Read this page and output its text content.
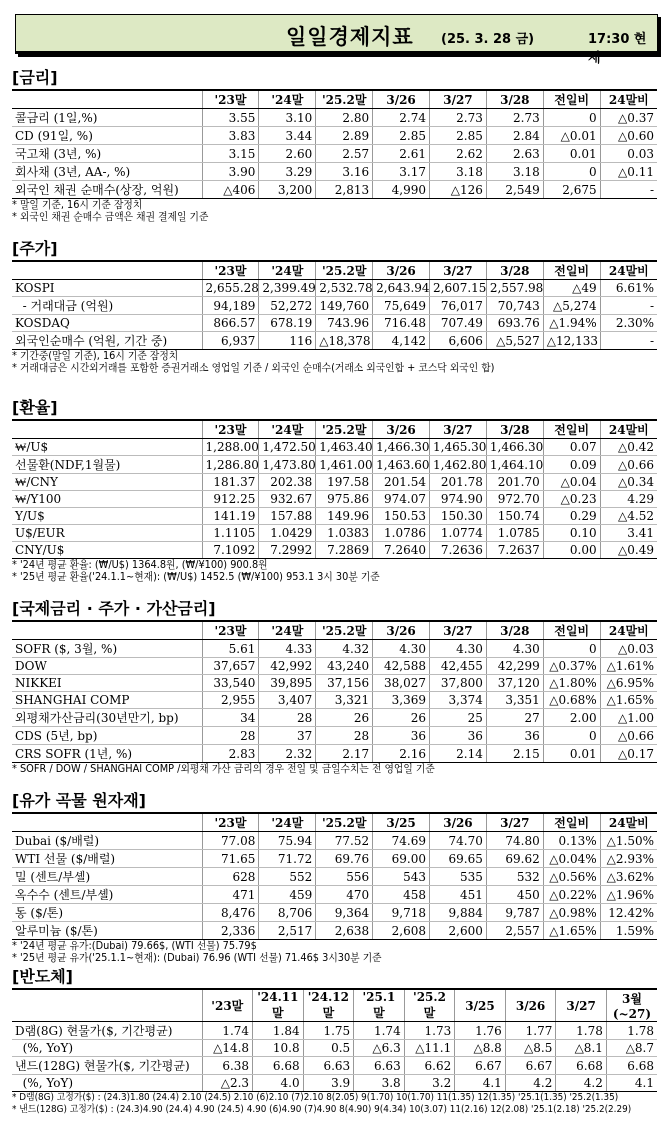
일일경제지표 (25. 3. 28 금)	17:30 현재
[금리]
	'23말	'24말	'25.2말	3/26	3/27	3/28	전일비	24말비
콜금리 (1일,%)	3.55	3.10	2.80	2.74	2.73	2.73	0	△0.37
CD (91일, %)	3.83	3.44	2.89	2.85	2.85	2.84	△0.01	△0.60
국고채 (3년, %)	3.15	2.60	2.57	2.61	2.62	2.63	0.01	0.03
회사채 (3년, AA-, %)	3.90	3.29	3.16	3.17	3.18	3.18	0	△0.11
외국인 채권 순매수(상장, 억원)	△406	3,200	2,813	4,990	△126	2,549	2,675	-
* 말일 기준, 16시 기준 잠정치
* 외국인 채권 순매수 금액은 채권 결제일 기준
[주가]
	'23말	'24말	'25.2말	3/26	3/27	3/28	전일비	24말비
KOSPI	2,655.28	2,399.49	2,532.78	2,643.94	2,607.15	2,557.98	△49	6.61%
- 거래대금 (억원)	94,189	52,272	149,760	75,649	76,017	70,743	△5,274	-
KOSDAQ	866.57	678.19	743.96	716.48	707.49	693.76	△1.94%	2.30%
외국인순매수 (억원, 기간 중)	6,937	116	△18,378	4,142	6,606	△5,527	△12,133	-
* 기간중(말일 기준), 16시 기준 잠정치
* 거래대금은 시간외거래를 포함한 증권거래소 영업일 기준 / 외국인 순매수(거래소 외국인합 + 코스닥 외국인 합)
[환율]
	'23말	'24말	'25.2말	3/26	3/27	3/28	전일비	24말비
₩/U$	1,288.00	1,472.50	1,463.40	1,466.30	1,465.30	1,466.30	0.07	△0.42
선물환(NDF,1월물)	1,286.80	1,473.80	1,461.00	1,463.60	1,462.80	1,464.10	0.09	△0.66
₩/CNY	181.37	202.38	197.58	201.54	201.78	201.70	△0.04	△0.34
₩/Y100	912.25	932.67	975.86	974.07	974.90	972.70	△0.23	4.29
Y/U$	141.19	157.88	149.96	150.53	150.30	150.74	0.29	△4.52
U$/EUR	1.1105	1.0429	1.0383	1.0786	1.0774	1.0785	0.10	3.41
CNY/U$	7.1092	7.2992	7.2869	7.2640	7.2636	7.2637	0.00	△0.49
* '24년 평균 환율: (₩/U$) 1364.8원, (₩/¥100) 900.8원
* '25년 평균 환율('24.1.1~현재): (₩/U$) 1452.5 (₩/¥100) 953.1 3시 30분 기준
[국제금리 · 주가 · 가산금리]
	'23말	'24말	'25.2말	3/26	3/27	3/28	전일비	24말비
SOFR ($, 3월, %)	5.61	4.33	4.32	4.30	4.30	4.30	0	△0.03
DOW	37,657	42,992	43,240	42,588	42,455	42,299	△0.37%	△1.61%
NIKKEI	33,540	39,895	37,156	38,027	37,800	37,120	△1.80%	△6.95%
SHANGHAI COMP	2,955	3,407	3,321	3,369	3,374	3,351	△0.68%	△1.65%
외평채가산금리(30년만기, bp)	34	28	26	26	25	27	2.00	△1.00
CDS (5년, bp)	28	37	28	36	36	36	0	△0.66
CRS SOFR (1년, %)	2.83	2.32	2.17	2.16	2.14	2.15	0.01	△0.17
* SOFR / DOW / SHANGHAI COMP /외평채 가산 금리의 경우 전일 및 금일수치는 전 영업일 기준
[유가 곡물 원자재]
	'23말	'24말	'25.2말	3/25	3/26	3/27	전일비	24말비
Dubai ($/배럴)	77.08	75.94	77.52	74.69	74.70	74.80	0.13%	△1.50%
WTI 선물 ($/배럴)	71.65	71.72	69.76	69.00	69.65	69.62	△0.04%	△2.93%
밀 (센트/부셸)	628	552	556	543	535	532	△0.56%	△3.62%
옥수수 (센트/부셸)	471	459	470	458	451	450	△0.22%	△1.96%
동 ($/톤)	8,476	8,706	9,364	9,718	9,884	9,787	△0.98%	12.42%
알루미늄 ($/톤)	2,336	2,517	2,638	2,608	2,600	2,557	△1.65%	1.59%
* '24년 평균 유가:(Dubai) 79.66$, (WTI 선물) 75.79$
* '25년 평균 유가('25.1.1~현재): (Dubai) 76.96 (WTI 선물) 71.46$ 3시30분 기준
[반도체]
	'23말	'24.11말	'24.12말	'25.1말	'25.2말	3/25	3/26	3/27	3월(~27)
D램(8G) 현물가($, 기간평균)	1.74	1.84	1.75	1.74	1.73	1.76	1.77	1.78	1.78
(%, YoY)	△14.8	10.8	0.5	△6.3	△11.1	△8.8	△8.5	△8.1	△8.7
낸드(128G) 현물가($, 기간평균)	6.38	6.68	6.63	6.63	6.62	6.67	6.67	6.68	6.68
(%, YoY)	△2.3	4.0	3.9	3.8	3.2	4.1	4.2	4.2	4.1
* D램(8G) 고정가($) : (24.3)1.80 (24.4) 2.10 (24.5) 2.10 (6)2.10 (7)2.10 8(2.05) 9(1.70) 10(1.70) 11(1.35) 12(1.35) '25.1(1.35) '25.2(1.35)
* 낸드(128G) 고정가($) : (24.3)4.90 (24.4) 4.90 (24.5) 4.90 (6)4.90 (7)4.90 8(4.90) 9(4.34) 10(3.07) 11(2.16) 12(2.08) '25.1(2.18) '25.2(2.29)
